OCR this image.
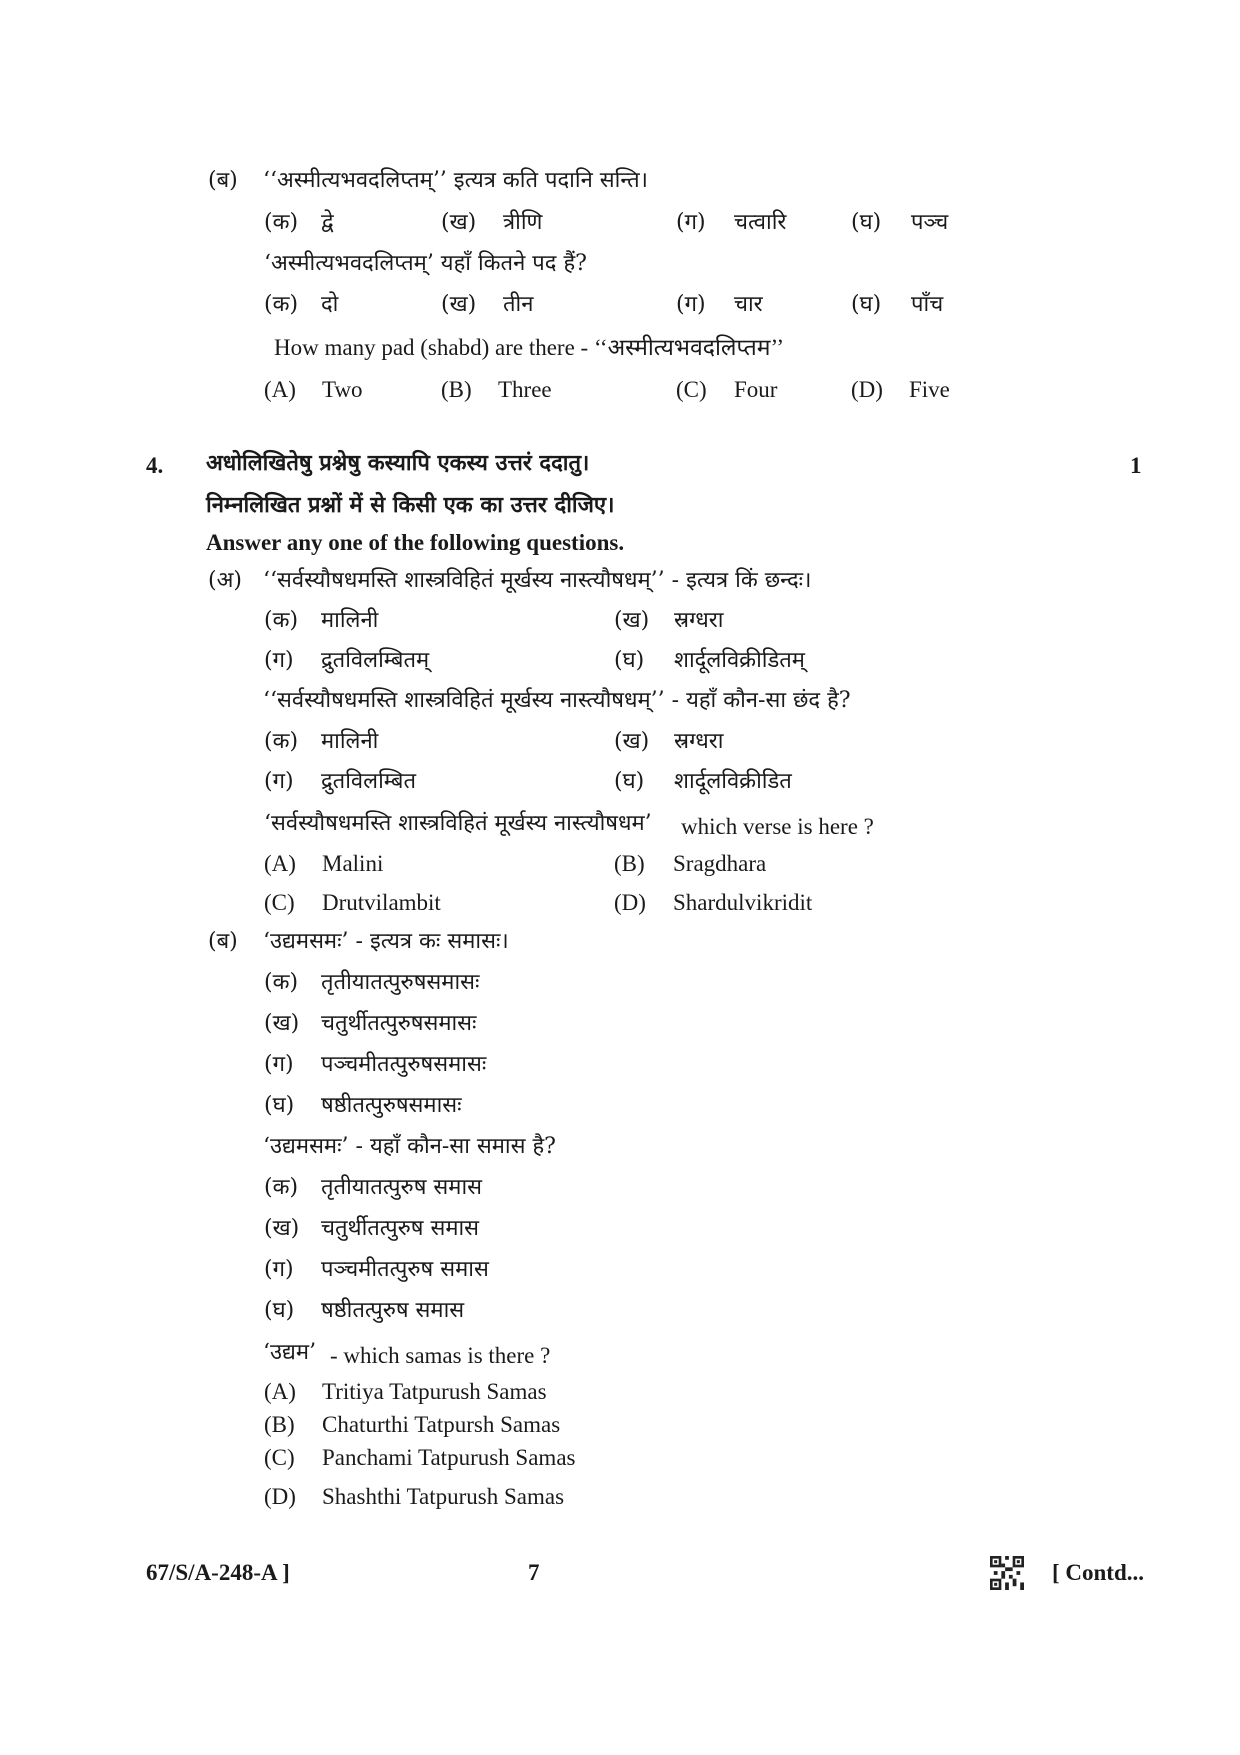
(ब) ‘‘अस्मीत्यभवदलिप्तम्’’ इत्यत्र कति पदानि सन्ति।
(क) द्वे	(ख) त्रीणि	(ग) चत्वारि	(घ) पञ्च
‘अस्मीत्यभवदलिप्तम्’ यहाँ कितने पद हैं?
(क) दो	(ख) तीन	(ग) चार	(घ) पाँच
How many pad (shabd) are there - ‘‘अस्मीत्यभवदलिप्तम’’
(A) Two	(B) Three	(C) Four	(D) Five
4. अधोलिखितेषु प्रश्नेषु कस्यापि एकस्य उत्तरं ददातु।	1
निम्नलिखित प्रश्नों में से किसी एक का उत्तर दीजिए।
Answer any one of the following questions.
(अ) ‘‘सर्वस्यौषधमस्ति शास्त्रविहितं मूर्खस्य नास्त्यौषधम्’’ - इत्यत्र किं छन्दः।
(क) मालिनी	(ख) स्रग्धरा
(ग) द्रुतविलम्बितम्	(घ) शार्दूलविक्रीडितम्
‘‘सर्वस्यौषधमस्ति शास्त्रविहितं मूर्खस्य नास्त्यौषधम्’’ - यहाँ कौन-सा छंद है?
(क) मालिनी	(ख) स्रग्धरा
(ग) द्रुतविलम्बित	(घ) शार्दूलविक्रीडित
‘सर्वस्यौषधमस्ति शास्त्रविहितं मूर्खस्य नास्त्यौषधम’ which verse is here ?
(A) Malini	(B) Sragdhara
(C) Drutvilambit	(D) Shardulvikridit
(ब) ‘उद्यमसमः’ - इत्यत्र कः समासः।
(क) तृतीयातत्पुरुषसमासः
(ख) चतुर्थीतत्पुरुषसमासः
(ग) पञ्चमीतत्पुरुषसमासः
(घ) षष्ठीतत्पुरुषसमासः
‘उद्यमसमः’ - यहाँ कौन-सा समास है?
(क) तृतीयातत्पुरुष समास
(ख) चतुर्थीतत्पुरुष समास
(ग) पञ्चमीतत्पुरुष समास
(घ) षष्ठीतत्पुरुष समास
‘उद्यम’ - which samas is there ?
(A) Tritiya Tatpurush Samas
(B) Chaturthi Tatpursh Samas
(C) Panchami Tatpurush Samas
(D) Shashthi Tatpurush Samas
67/S/A-248-A ]	7	[ Contd...
